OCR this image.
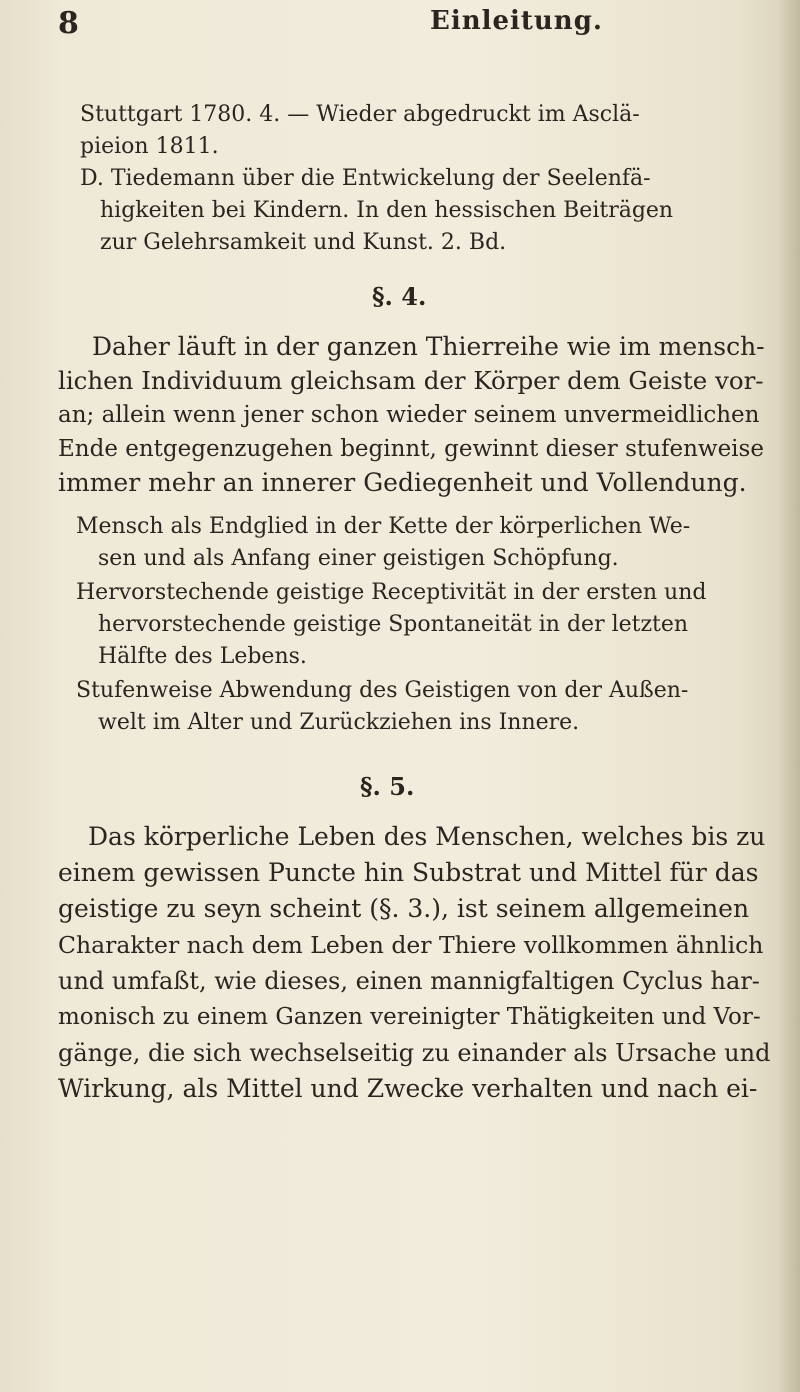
8	Einleitung.
Stuttgart 1780. 4. — Wieder abgedruckt im Asclä-
pieion 1811.
D. Tiedemann über die Entwickelung der Seelenfä-
higkeiten bei Kindern. In den hessischen Beiträgen
zur Gelehrsamkeit und Kunst. 2. Bd.
§. 4.
Daher läuft in der ganzen Thierreihe wie im mensch-
lichen Individuum gleichsam der Körper dem Geiste vor-
an; allein wenn jener schon wieder seinem unvermeidlichen
Ende entgegenzugehen beginnt, gewinnt dieser stufenweise
immer mehr an innerer Gediegenheit und Vollendung.
Mensch als Endglied in der Kette der körperlichen We-
sen und als Anfang einer geistigen Schöpfung.
Hervorstechende geistige Receptivität in der ersten und
hervorstechende geistige Spontaneität in der letzten
Hälfte des Lebens.
Stufenweise Abwendung des Geistigen von der Außen-
welt im Alter und Zurückziehen ins Innere.
§. 5.
Das körperliche Leben des Menschen, welches bis zu
einem gewissen Puncte hin Substrat und Mittel für das
geistige zu seyn scheint (§. 3.), ist seinem allgemeinen
Charakter nach dem Leben der Thiere vollkommen ähnlich
und umfaßt, wie dieses, einen mannigfaltigen Cyclus har-
monisch zu einem Ganzen vereinigter Thätigkeiten und Vor-
gänge, die sich wechselseitig zu einander als Ursache und
Wirkung, als Mittel und Zwecke verhalten und nach ei-
